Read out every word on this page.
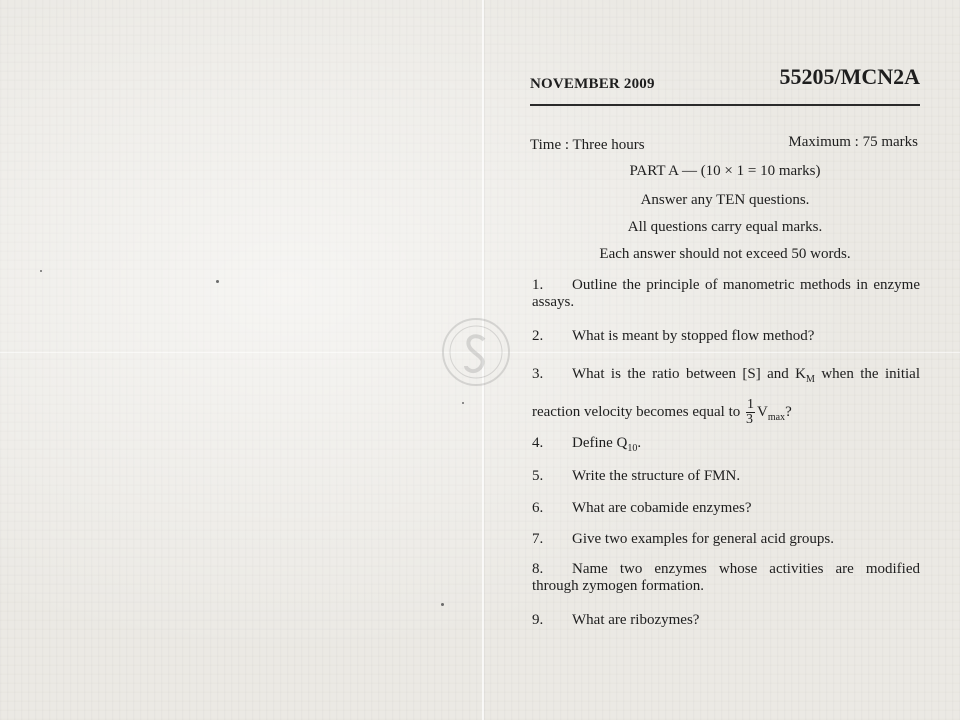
NOVEMBER 2009	55205/MCN2A
Time : Three hours	Maximum : 75 marks
PART A — (10 × 1 = 10 marks)
Answer any TEN questions.
All questions carry equal marks.
Each answer should not exceed 50 words.
1. Outline the principle of manometric methods in enzyme assays.
2. What is meant by stopped flow method?
3. What is the ratio between [S] and $K_M$ when the initial reaction velocity becomes equal to $\frac{1}{3} V_{max}$?
4. Define $Q_{10}$.
5. Write the structure of FMN.
6. What are cobamide enzymes?
7. Give two examples for general acid groups.
8. Name two enzymes whose activities are modified through zymogen formation.
9. What are ribozymes?
